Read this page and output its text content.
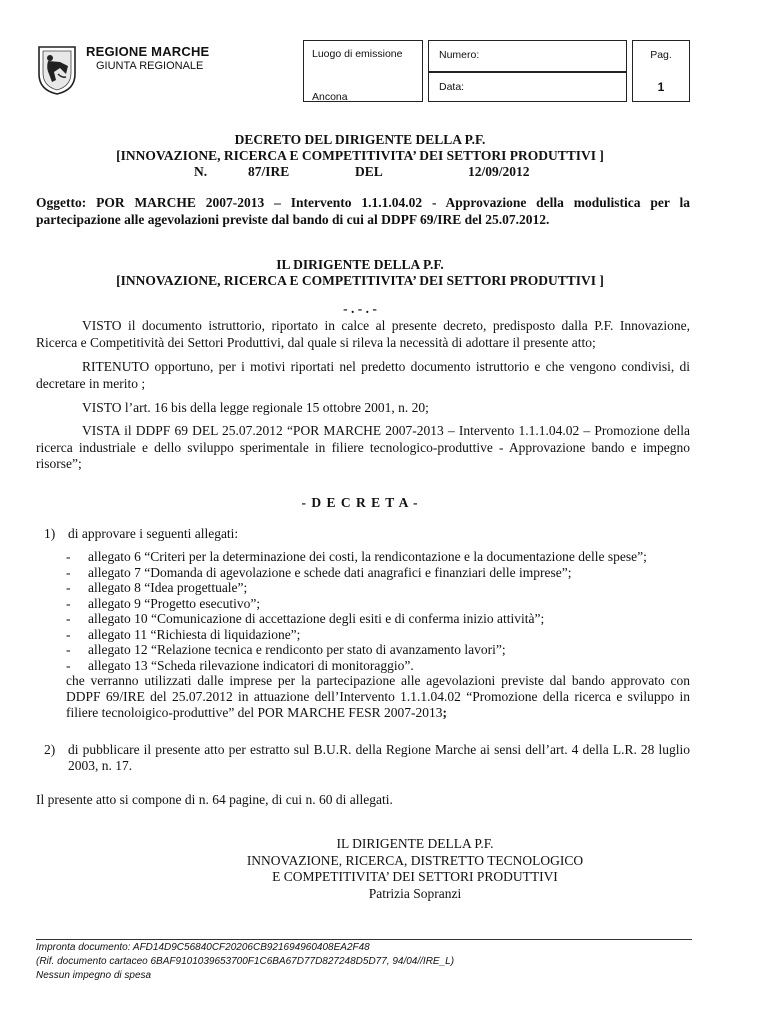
REGIONE MARCHE
GIUNTA REGIONALE
Luogo di emissione
Ancona
Numero:
Data:
Pag.
1
DECRETO DEL DIRIGENTE DELLA P.F.
[INNOVAZIONE, RICERCA E COMPETITIVITA’ DEI SETTORI PRODUTTIVI ]
N.	87/IRE	DEL	12/09/2012
Oggetto: POR MARCHE 2007-2013 – Intervento 1.1.1.04.02 - Approvazione della modulistica per la partecipazione alle agevolazioni previste dal bando di cui al DDPF 69/IRE del 25.07.2012.
IL DIRIGENTE DELLA P.F.
[INNOVAZIONE, RICERCA E COMPETITIVITA’ DEI SETTORI PRODUTTIVI ]
- . - . -
VISTO il documento istruttorio, riportato in calce al presente decreto, predisposto dalla P.F. Innovazione, Ricerca e Competitività dei Settori Produttivi, dal quale si rileva la necessità di adottare il presente atto;
RITENUTO opportuno, per i motivi riportati nel predetto documento istruttorio e che vengono condivisi, di decretare in merito ;
VISTO l’art. 16 bis della legge regionale 15 ottobre 2001, n. 20;
VISTA il DDPF 69 DEL 25.07.2012 “POR MARCHE 2007-2013 – Intervento 1.1.1.04.02 – Promozione della ricerca industriale e dello sviluppo sperimentale in filiere tecnologico-produttive - Approvazione bando e impegno risorse”;
- D E C R E T A -
1) di approvare i seguenti allegati:
-	allegato 6 “Criteri per la determinazione dei costi, la rendicontazione e la documentazione delle spese”;
-	allegato 7 “Domanda di agevolazione e schede dati anagrafici e finanziari delle imprese”;
-	allegato 8 “Idea progettuale”;
-	allegato 9 “Progetto esecutivo”;
-	allegato 10 “Comunicazione di accettazione degli esiti e di conferma inizio attività”;
-	allegato 11 “Richiesta di liquidazione”;
-	allegato 12 “Relazione tecnica e rendiconto per stato di avanzamento lavori”;
-	allegato 13 “Scheda rilevazione indicatori di monitoraggio”.
che verranno utilizzati dalle imprese per la partecipazione alle agevolazioni previste dal bando approvato con DDPF 69/IRE del 25.07.2012 in attuazione dell’Intervento 1.1.1.04.02 “Promozione della ricerca e sviluppo in filiere tecnoloigico-produttive” del POR MARCHE FESR 2007-2013;
2) di pubblicare il presente atto per estratto sul B.U.R. della Regione Marche ai sensi dell’art. 4 della L.R. 28 luglio 2003, n. 17.
Il presente atto si compone di n. 64 pagine, di cui n. 60 di allegati.
IL DIRIGENTE DELLA P.F.
INNOVAZIONE, RICERCA, DISTRETTO TECNOLOGICO
E COMPETITIVITA’ DEI SETTORI PRODUTTIVI
Patrizia Sopranzi
Impronta documento: AFD14D9C56840CF20206CB921694960408EA2F48
(Rif. documento cartaceo 6BAF9101039653700F1C6BA67D77D827248D5D77, 94/04//IRE_L)
Nessun impegno di spesa
